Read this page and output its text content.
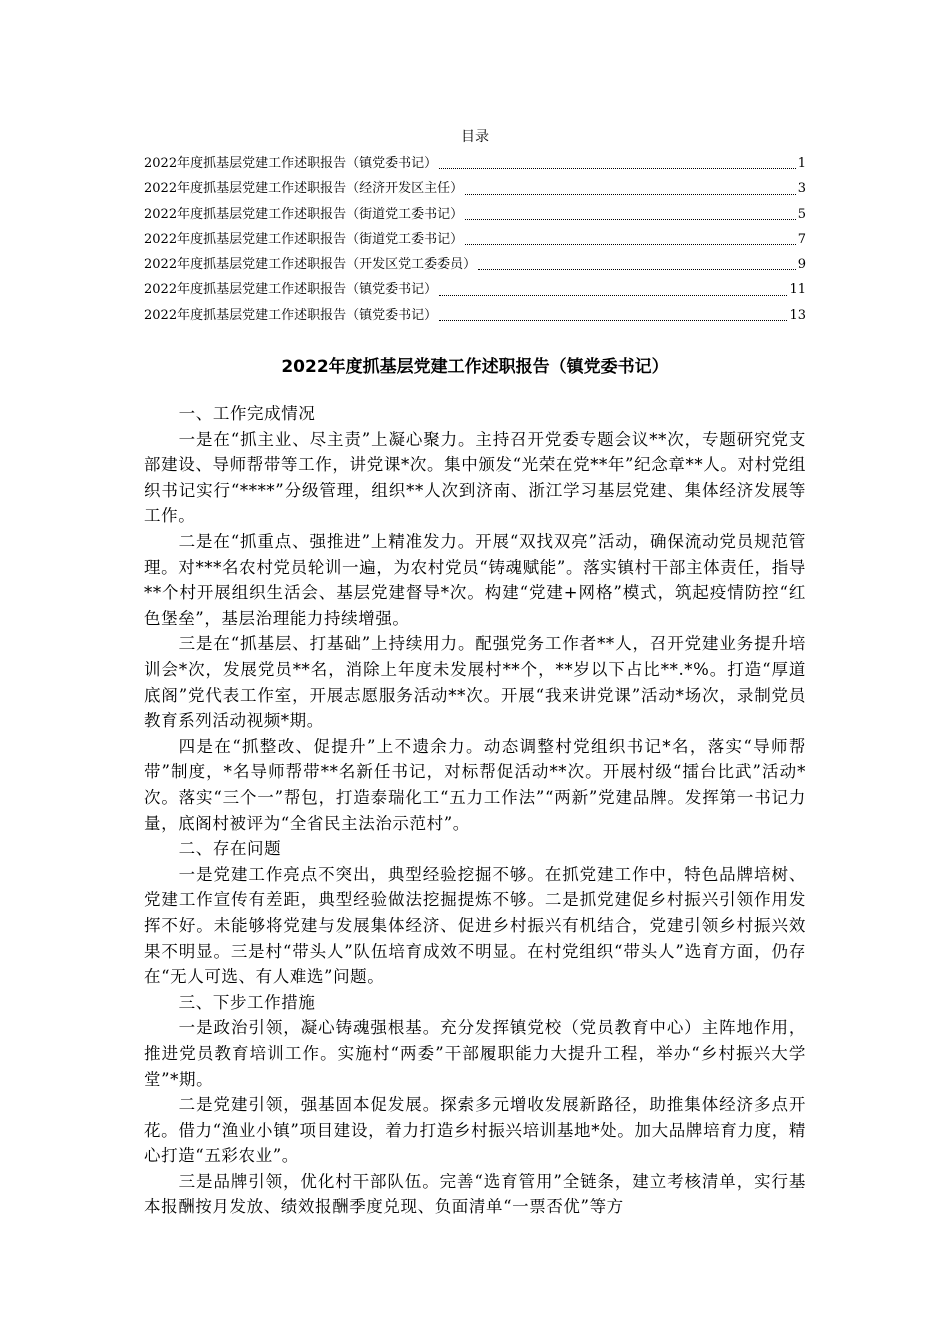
目录
2022年度抓基层党建工作述职报告（镇党委书记）	1
2022年度抓基层党建工作述职报告（经济开发区主任）	3
2022年度抓基层党建工作述职报告（街道党工委书记）	5
2022年度抓基层党建工作述职报告（街道党工委书记）	7
2022年度抓基层党建工作述职报告（开发区党工委委员）	9
2022年度抓基层党建工作述职报告（镇党委书记）	11
2022年度抓基层党建工作述职报告（镇党委书记）	13
2022年度抓基层党建工作述职报告（镇党委书记）

一、工作完成情况

一是在“抓主业、尽主责”上凝心聚力。主持召开党委专题会议**次，专题研究党支部建设、导师帮带等工作，讲党课*次。集中颁发“光荣在党**年”纪念章**人。对村党组织书记实行“****”分级管理，组织**人次到济南、浙江学习基层党建、集体经济发展等工作。

二是在“抓重点、强推进”上精准发力。开展“双找双亮”活动，确保流动党员规范管理。对***名农村党员轮训一遍，为农村党员“铸魂赋能”。落实镇村干部主体责任，指导**个村开展组织生活会、基层党建督导*次。构建“党建+网格”模式，筑起疫情防控“红色堡垒”，基层治理能力持续增强。

三是在“抓基层、打基础”上持续用力。配强党务工作者**人，召开党建业务提升培训会*次，发展党员**名，消除上年度未发展村**个，**岁以下占比**.*%。打造“厚道底阁”党代表工作室，开展志愿服务活动**次。开展“我来讲党课”活动*场次，录制党员教育系列活动视频*期。

四是在“抓整改、促提升”上不遗余力。动态调整村党组织书记*名，落实“导师帮带”制度，*名导师帮带**名新任书记，对标帮促活动**次。开展村级“擂台比武”活动*次。落实“三个一”帮包，打造泰瑞化工“五力工作法”“两新”党建品牌。发挥第一书记力量，底阁村被评为“全省民主法治示范村”。

二、存在问题

一是党建工作亮点不突出，典型经验挖掘不够。在抓党建工作中，特色品牌培树、党建工作宣传有差距，典型经验做法挖掘提炼不够。二是抓党建促乡村振兴引领作用发挥不好。未能够将党建与发展集体经济、促进乡村振兴有机结合，党建引领乡村振兴效果不明显。三是村“带头人”队伍培育成效不明显。在村党组织“带头人”选育方面，仍存在“无人可选、有人难选”问题。

三、下步工作措施

一是政治引领，凝心铸魂强根基。充分发挥镇党校（党员教育中心）主阵地作用，推进党员教育培训工作。实施村“两委”干部履职能力大提升工程，举办“乡村振兴大学堂”*期。

二是党建引领，强基固本促发展。探索多元增收发展新路径，助推集体经济多点开花。借力“渔业小镇”项目建设，着力打造乡村振兴培训基地*处。加大品牌培育力度，精心打造“五彩农业”。

三是品牌引领，优化村干部队伍。完善“选育管用”全链条，建立考核清单，实行基本报酬按月发放、绩效报酬季度兑现、负面清单“一票否优”等方
